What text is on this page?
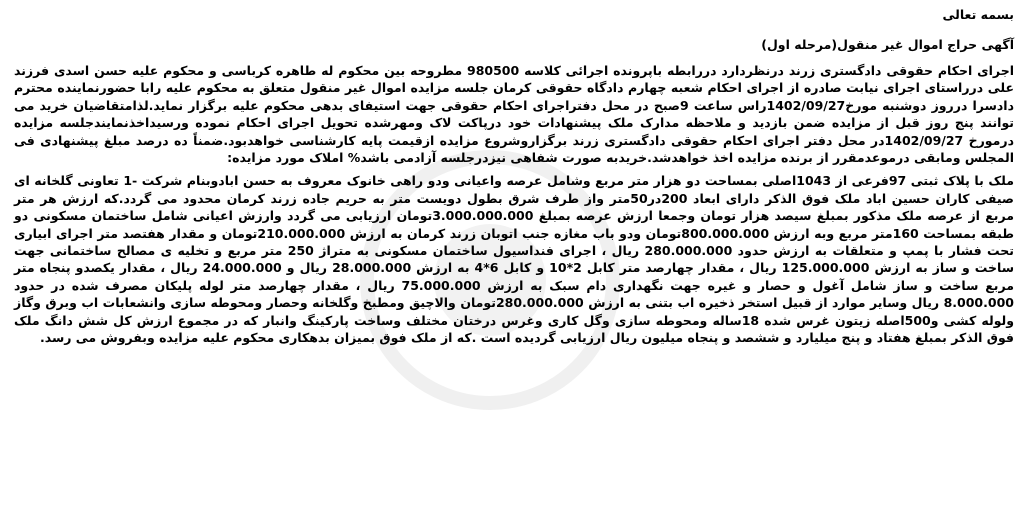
بسمه تعالی

آگهی حراج اموال غیر منقول(مرحله اول)

اجرای احکام حقوقی دادگستری زرند درنظردارد دررابطه باپرونده اجرائی کلاسه 980500 مطروحه بین محکوم له طاهره کرباسی و محکوم علیه حسن اسدی فرزند علی درراستای اجرای نیابت صادره از اجرای احکام شعبه چهارم دادگاه حقوقی کرمان جلسه مزایده اموال غیر منقول متعلق به محکوم علیه رابا حضورنماینده محترم دادسرا درروز دوشنبه مورخ1402/09/27راس ساعت 9صبح در محل دفتراجرای احکام حقوقی جهت استیفای بدهی محکوم علیه برگزار نماید.لذامتقاضیان خرید می توانند پنج روز قبل از مزایده ضمن بازدید و ملاحظه مدارک ملک پیشنهادات خود درپاکت لاک ومهرشده تحویل اجرای احکام نموده ورسیداخذنمایندجلسه مزایده درمورخ 1402/09/27در محل دفتر اجرای احکام حقوقی دادگستری زرند برگزاروشروع مزایده ازقیمت پایه کارشناسی خواهدبود.ضمناً ده درصد مبلغ پیشنهادی فی المجلس ومابقی درموعدمقرر از برنده مزایده اخذ خواهدشد.خریدبه صورت شفاهی نیزدرجلسه آزادمی باشد% املاک مورد مزایده:

ملک با پلاک ثبتی 97فرعی از 1043اصلی بمساحت دو هزار متر مربع وشامل عرصه واعیانی ودو راهی خانوک معروف به حسن ابادوبنام شرکت -1 تعاونی گلخانه ای صیفی کاران حسین اباد ملک فوق الذکر دارای ابعاد 200در50متر واز طرف شرق بطول دویست متر به حریم جاده زرند کرمان محدود می گردد.که ارزش هر متر مربع از عرصه ملک مذکور بمبلغ سیصد هزار تومان وجمعا ارزش عرصه بمبلغ 3.000.000.000تومان ارزیابی می گردد وارزش اعیانی شامل ساختمان مسکونی دو طبقه بمساحت 160متر مربع وبه ارزش 800.000.000تومان ودو باب مغازه جنب اتوبان زرند کرمان به ارزش 210.000.000تومان و مقدار هفتصد متر اجرای ابیاری تحت فشار با پمپ و متعلقات به ارزش حدود 280.000.000 ریال ، اجرای فنداسیول ساختمان مسکونی به متراژ 250 متر مربع و تخلیه ی مصالح ساختمانی جهت ساخت و ساز به ارزش 125.000.000 ریال ، مقدار چهارصد متر کابل 2*10 و کابل 6*4 به ارزش 28.000.000 ریال و 24.000.000 ریال ، مقدار یکصدو پنجاه متر مربع ساخت و ساز شامل آغول و حصار و غیره جهت نگهداری دام سبک به ارزش 75.000.000 ریال ، مقدار چهارصد متر لوله پلیکان مصرف شده در حدود 8.000.000 ریال وسایر موارد از قبیل استخر ذخیره اب بتنی به ارزش 280.000.000تومان والاچیق ومطبخ وگلخانه وحصار ومحوطه سازی وانشعابات اب وبرق وگاز ولوله کشی و500اصله زیتون غرس شده 18ساله ومحوطه سازی وگل کاری وغرس درختان مختلف وساخت پارکینگ وانبار که در مجموع ارزش کل شش دانگ ملک فوق الذکر بمبلغ هفتاد و پنج میلیارد و ششصد و پنجاه میلیون ریال ارزیابی گردیده است .که از ملک فوق بمیزان بدهکاری محکوم علیه مزایده وبفروش می رسد.
